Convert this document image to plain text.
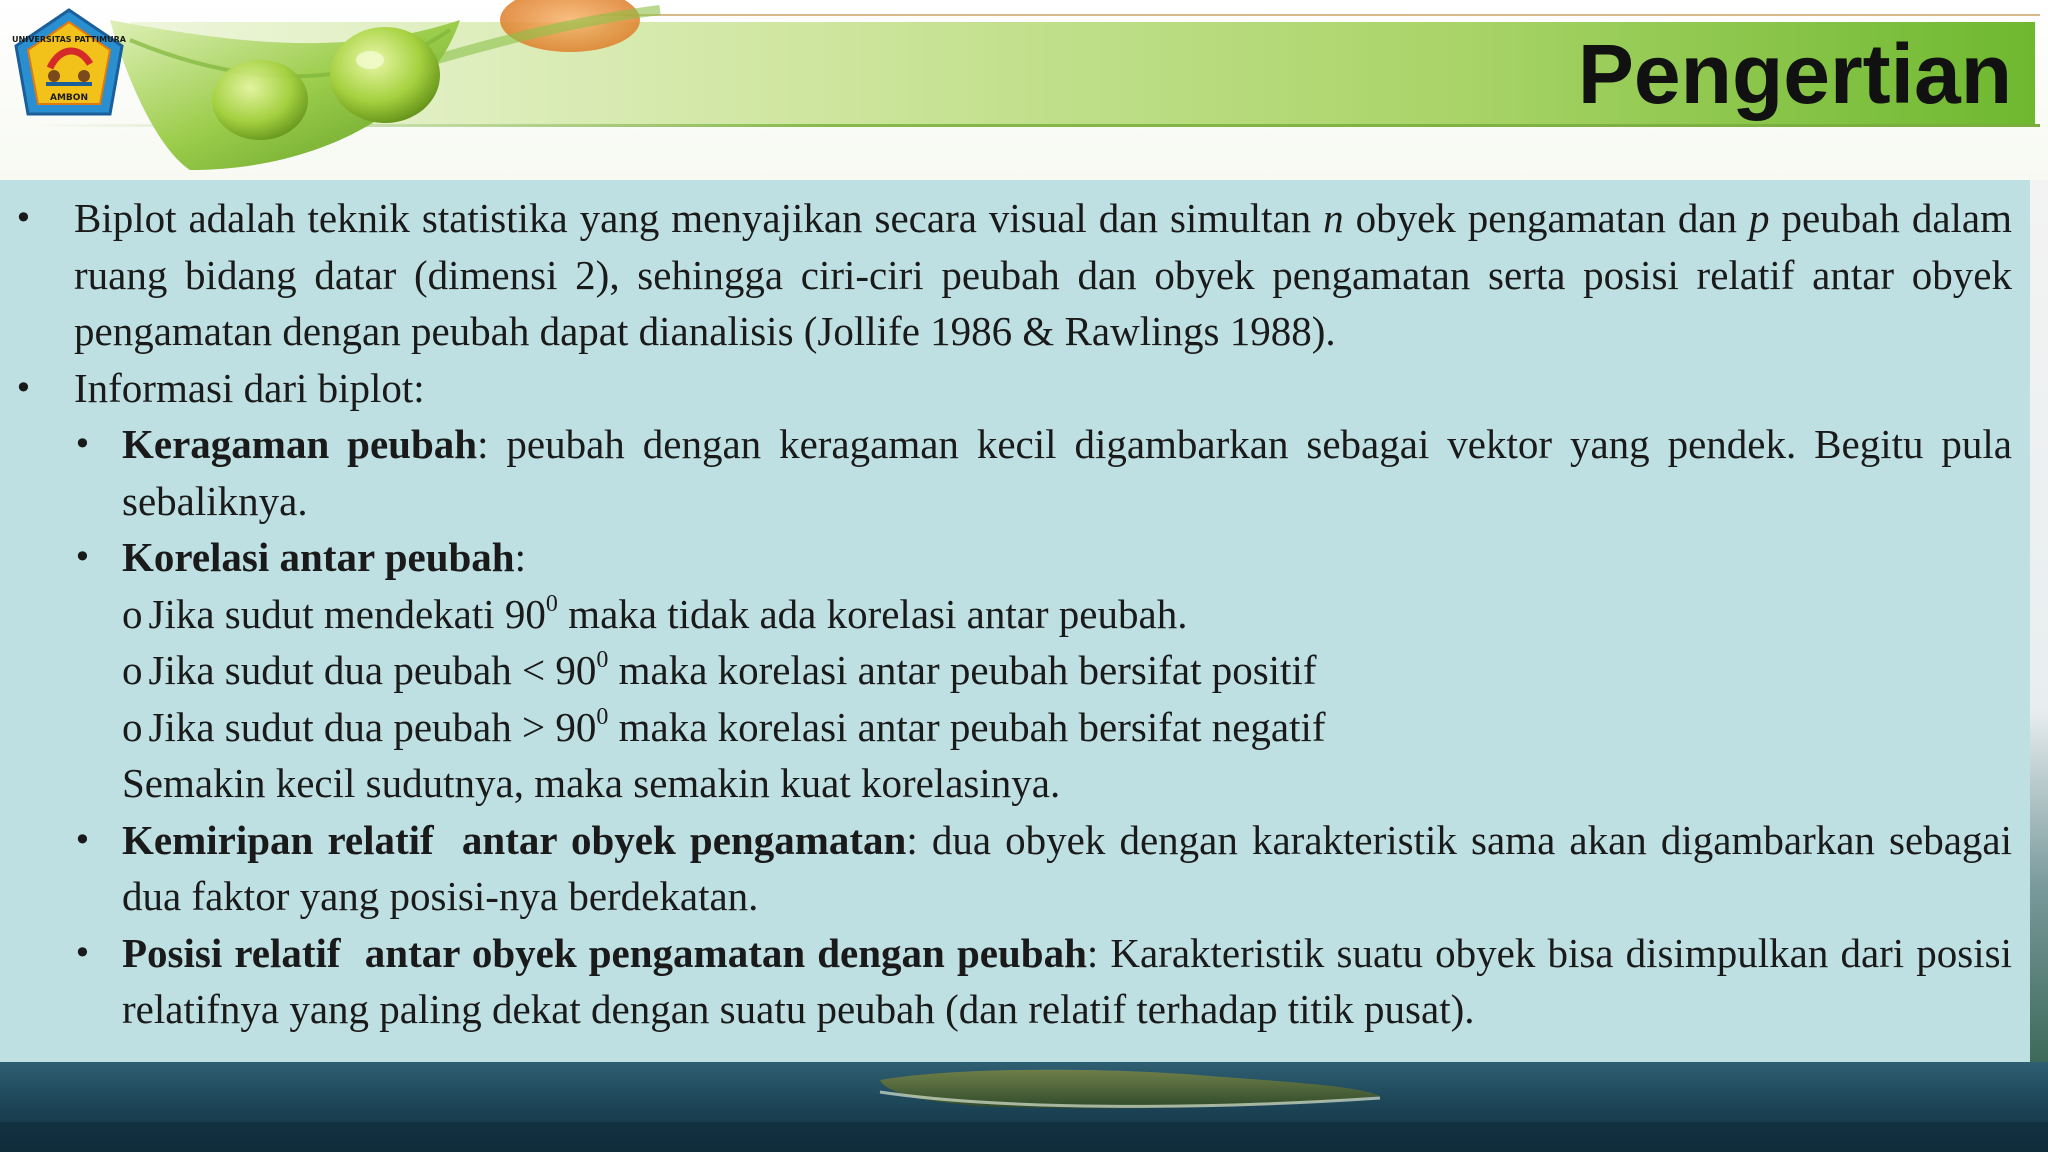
UNIVERSITAS PATTIMURA
AMBON	Pengertian
• Biplot adalah teknik statistika yang menyajikan secara visual dan simultan n obyek pengamatan dan p peubah dalam ruang bidang datar (dimensi 2), sehingga ciri-ciri peubah dan obyek pengamatan serta posisi relatif antar obyek pengamatan dengan peubah dapat dianalisis (Jollife 1986 & Rawlings 1988).
• Informasi dari biplot:
• Keragaman peubah: peubah dengan keragaman kecil digambarkan sebagai vektor yang pendek. Begitu pula sebaliknya.
• Korelasi antar peubah:
o Jika sudut mendekati $90^0$ maka tidak ada korelasi antar peubah.
o Jika sudut dua peubah < $90^0$ maka korelasi antar peubah bersifat positif
o Jika sudut dua peubah > $90^0$ maka korelasi antar peubah bersifat negatif
Semakin kecil sudutnya, maka semakin kuat korelasinya.
• Kemiripan relatif  antar obyek pengamatan: dua obyek dengan karakteristik sama akan digambarkan sebagai dua faktor yang posisi-nya berdekatan.
• Posisi relatif  antar obyek pengamatan dengan peubah: Karakteristik suatu obyek bisa disimpulkan dari posisi relatifnya yang paling dekat dengan suatu peubah (dan relatif terhadap titik pusat).
